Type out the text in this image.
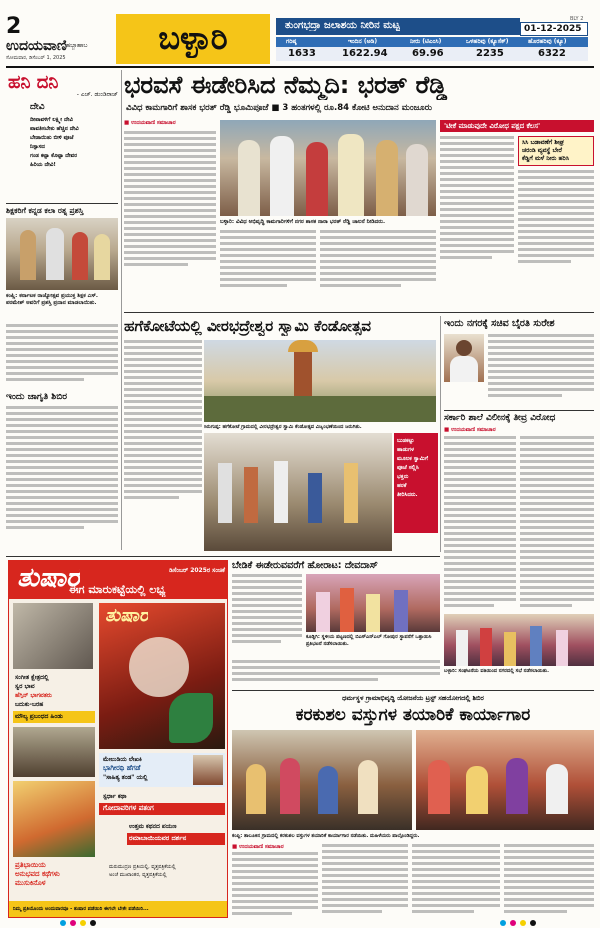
2
ಉದಯವಾಣಿ ಹಬ್ಬಾಹಾಬ
ಸೋಮವಾರ, ಡಿಸೆಂಬರ್ 1, 2025
ಬಳ್ಳಾರಿ	ತುಂಗಭದ್ರಾ ಜಲಾಶಯ ನೀರಿನ ಮಟ್ಟ
BLY 2
01-12-2025
ಗರಿಷ್ಠ	ಇಂದಿನ (ಅಡಿ)	ನೀರು (ಟಿಎಂಸಿ)	ಒಳಹರಿವು (ಕ್ಯೂಸೆಕ್)	ಹೊರಹರಿವು (ಕ್ಯೂ)
1633	1622.94 69.96	2235	6322
ಹನಿ ದನಿ
- ಎಚ್. ಡುಂಡಿರಾಜ್
ದೇವಿ
ದೀಪಾವಳಿಗೆ ಲಕ್ಷ್ಮೀ ದೇವಿ
ಪಾವತಿಸಬೇಕು ಹೆಚ್ಚಿನ ದೇವಿ
ಬೇಡಾಯಿತು ಬೀಳಿ ಪೂಜೆ
ನಿಸ್ಸಾಸದ
ಗಂಡ ಕಟ್ಟಾ ಕೊಟ್ಟಾ ದೇವರ
ಹಿರಿಯ ದೇವಿ!
ಶಿಕ್ಷಕರಿಗೆ ಕನ್ನಡ ಕಲಾ ರತ್ನ ಪ್ರಶಸ್ತಿ
ಕಂಪ್ಲಿ: ಕರ್ನಾಟಕ ರಾಜ್ಯೋತ್ಸವ ಪ್ರಯುಕ್ತ ಶಿಕ್ಷಕ ಎಸ್. ಪರಮೇಶ್ ಅವರಿಗೆ ಪ್ರಶಸ್ತಿ ಪ್ರದಾನ ಮಾಡಲಾಯಿತು.
ಇಂದು ಜಾಗೃತಿ ಶಿಬಿರ
ಭರವಸೆ ಈಡೇರಿಸಿದ ನೆಮ್ಮದಿ: ಭರತ್ ರೆಡ್ಡಿ
ವಿವಿಧ ಕಾಮಗಾರಿಗೆ ಶಾಸಕ ಭರತ್ ರೆಡ್ಡಿ ಭೂಮಿಪೂಜೆ ■ 3 ಹಂತಗಳಲ್ಲಿ ರೂ.84 ಕೋಟಿ ಅನುದಾನ ಮಂಜೂರು
■ ಉದಯವಾಣಿ ಸಮಾಚಾರ
ಬಳ್ಳಾರಿ: ವಿವಿಧ ಅಭಿವೃದ್ಧಿ ಕಾಮಗಾರಿಗಳಿಗೆ ನಗರ ಶಾಸಕ ನಾರಾ ಭರತ್ ರೆಡ್ಡಿ ಚಾಲನೆ ನೀಡಿದರು.
'ಟೀಕೆ ಮಾಡುವುದೇ ವಿರೋಧ ಪಕ್ಷದ ಕೆಲಸ'
ಸಿಸಿ ಬಡಾವಣೆಗೆ ಶೀಘ್ರ
ಚರಂಡಿ ವ್ಯವಸ್ಥೆ ಬೇರೆ
ಕೆಡ್ಡಿಗೆ ಮಳೆ ನೀರು ಹರಿಸಿ
ಹಗೆಕೋಟೆಯಲ್ಲಿ ವೀರಭದ್ರೇಶ್ವರ ಸ್ವಾಮಿ ಕೆಂಡೋತ್ಸವ
ಸಿರುಗುಪ್ಪ: ಹಗೆಕೋಟೆ ಗ್ರಾಮದಲ್ಲಿ ವೀರಭದ್ರೇಶ್ವರ ಸ್ವಾಮಿ ಕೆಂಡೋತ್ಸವ ವಿಜೃಂಭಣೆಯಿಂದ ಜರುಗಿತು.
ಬುಡಕಟ್ಟು
ಹಾಡುಗಳ
ಮೂಲಕ ಸ್ವಾಮಿಗೆ
ಪೂಜೆ ಸಲ್ಲಿಸಿ
ಭಕ್ತರು
ಹರಕೆ
ತೀರಿಸಿದರು.
ಇಂದು ನಗರಕ್ಕೆ ಸಚಿವ ಬೈರತಿ ಸುರೇಶ
ಸರ್ಕಾರಿ ಶಾಲೆ ವಿಲೀನಕ್ಕೆ ತೀವ್ರ ವಿರೋಧ
■ ಉದಯವಾಣಿ ಸಮಾಚಾರ
ತುಷಾರ	ಡಿಸೆಂಬರ್ 2025ರ ಸಂಚಿಕೆ
ಈಗ ಮಾರುಕಟ್ಟೆಯಲ್ಲಿ ಲಭ್ಯ
ತುಷಾರ
ಸಂಗೀತ ಕ್ಷೇತ್ರದಲ್ಲಿ
ಸ್ವರ ಭಾವ
ಹೆಗ್ಗಿನ್ ಭಾಗವತರು
ಬದುಕು-ಬರಹ
ಮೌಲ್ಯ ಪ್ರಬಂಧದ ಹಿಂಡು
ಮೇಲುಡಿಯ ಲೇಖಕಿ
ಭಾಗೀರಥಿ ಹೆಗಡೆ
"ಸಾಹಿತ್ಯ ತಂಡ" ಯಲ್ಲಿ
ಸ್ಪರ್ಧಾ ಕಥಾ
ಗೋದಾವರಿಗಳ ಪತಂಗ
ಉತ್ತಮ ಕಥನದ ಪಯಣ
ರಮಾಬಾಯಿಯವರ ದರ್ಶನ
ಪ್ರತಿಭಾಯಿಯ
ಅನುಭವದ ಕಥೆಗಳು
ಮುಸುಕಿನೊಳ
ಮರುಮುದ್ರಣ ಪ್ರತಿಯಲ್ಲಿ, ವೃತ್ತಪತ್ರಿಕೆಯಲ್ಲಿ
ಅಂಚೆ ಮುಖಾಂತರ, ವೃತ್ತಪತ್ರಿಕೆಯಲ್ಲಿ
ನಿಮ್ಮ ಪ್ರತಿಯೊಂದು ಅಂದುವಾರವೂ - ತುಷಾರ ಪಡೆಯಿರಿ ಈಗಲೇ ಬೇಕೇ ಪಡೆಯಿರಿ...
ಬೇಡಿಕೆ ಈಡೇರುವವರೆಗೆ ಹೋರಾಟ: ದೇವದಾಸ್
ಕೂಡ್ಲಿಗಿ: ಸ್ಥಳೀಯ ಪಟ್ಟಣದಲ್ಲಿ ಬಿಎಸ್ಎನ್ಎಲ್ ಗೋಪುರ ಸ್ಥಾಪನೆಗೆ ಒತ್ತಾಯಿಸಿ ಪ್ರತಿಭಟನೆ ನಡೆಸಲಾಯಿತು.
ಬಳ್ಳಾರಿ: ಸಂಘಟನೆಯ ವತಿಯಿಂದ ನಗರದಲ್ಲಿ ಸಭೆ ನಡೆಸಲಾಯಿತು.
ಧರ್ಮಸ್ಥಳ ಗ್ರಾಮಾಭಿವೃದ್ಧಿ ಯೋಜನೆಯ ಟ್ರಸ್ಟ್ ಸಹಯೋಗದಲ್ಲಿ ಶಿಬಿರ
ಕರಕುಶಲ ವಸ್ತುಗಳ ತಯಾರಿಕೆ ಕಾರ್ಯಾಗಾರ
ಕಂಪ್ಲಿ: ತಾಲೂಕಿನ ಗ್ರಾಮದಲ್ಲಿ ಕರಕುಶಲ ವಸ್ತುಗಳ ತಯಾರಿಕೆ ಕಾರ್ಯಾಗಾರ ನಡೆಯಿತು. ಮಹಿಳೆಯರು ಪಾಲ್ಗೊಂಡಿದ್ದರು.
■ ಉದಯವಾಣಿ ಸಮಾಚಾರ
